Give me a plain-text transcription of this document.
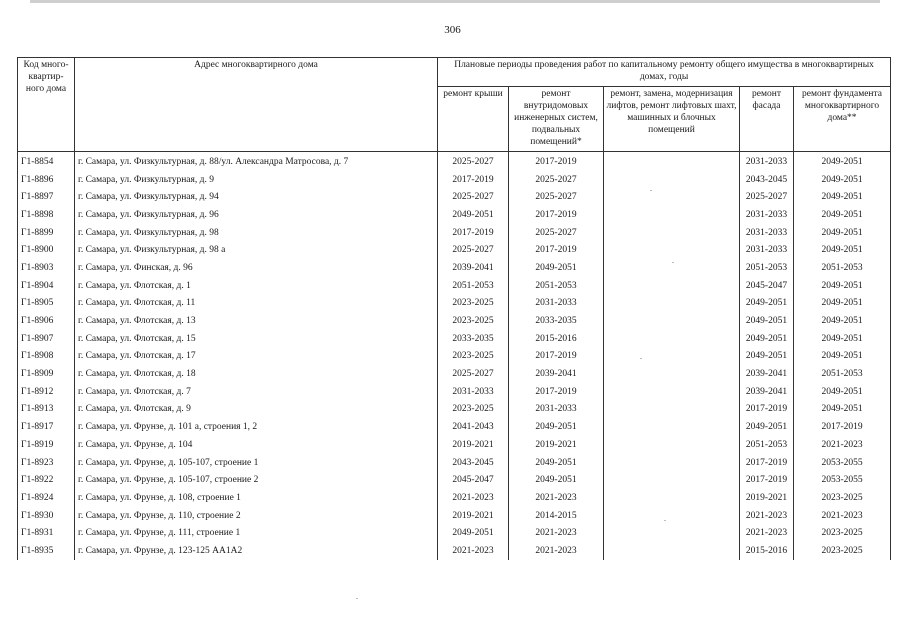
306
Код много-квартир-ного дома	Адрес многоквартирного дома	Плановые периоды проведения работ по капитальному ремонту общего имущества в многоквартирных домах, годы				
		ремонт крыши	ремонт внутридомовых инженерных систем, подвальных помещений*	ремонт, замена, модернизация лифтов, ремонт лифтовых шахт, машинных и блочных помещений	ремонт фасада	ремонт фундамента многоквартирного дома**
Г1-8854	г. Самара, ул. Физкультурная, д. 88/ул. Александра Матросова, д. 7	2025-2027	2017-2019		2031-2033	2049-2051
Г1-8896	г. Самара, ул. Физкультурная, д. 9	2017-2019	2025-2027		2043-2045	2049-2051
Г1-8897	г. Самара, ул. Физкультурная, д. 94	2025-2027	2025-2027		2025-2027	2049-2051
Г1-8898	г. Самара, ул. Физкультурная, д. 96	2049-2051	2017-2019		2031-2033	2049-2051
Г1-8899	г. Самара, ул. Физкультурная, д. 98	2017-2019	2025-2027		2031-2033	2049-2051
Г1-8900	г. Самара, ул. Физкультурная, д. 98 а	2025-2027	2017-2019		2031-2033	2049-2051
Г1-8903	г. Самара, ул. Финская, д. 96	2039-2041	2049-2051		2051-2053	2051-2053
Г1-8904	г. Самара, ул. Флотская, д. 1	2051-2053	2051-2053		2045-2047	2049-2051
Г1-8905	г. Самара, ул. Флотская, д. 11	2023-2025	2031-2033		2049-2051	2049-2051
Г1-8906	г. Самара, ул. Флотская, д. 13	2023-2025	2033-2035		2049-2051	2049-2051
Г1-8907	г. Самара, ул. Флотская, д. 15	2033-2035	2015-2016		2049-2051	2049-2051
Г1-8908	г. Самара, ул. Флотская, д. 17	2023-2025	2017-2019		2049-2051	2049-2051
Г1-8909	г. Самара, ул. Флотская, д. 18	2025-2027	2039-2041		2039-2041	2051-2053
Г1-8912	г. Самара, ул. Флотская, д. 7	2031-2033	2017-2019		2039-2041	2049-2051
Г1-8913	г. Самара, ул. Флотская, д. 9	2023-2025	2031-2033		2017-2019	2049-2051
Г1-8917	г. Самара, ул. Фрунзе, д. 101 а, строения 1, 2	2041-2043	2049-2051		2049-2051	2017-2019
Г1-8919	г. Самара, ул. Фрунзе, д. 104	2019-2021	2019-2021		2051-2053	2021-2023
Г1-8923	г. Самара, ул. Фрунзе, д. 105-107, строение 1	2043-2045	2049-2051		2017-2019	2053-2055
Г1-8922	г. Самара, ул. Фрунзе, д. 105-107, строение 2	2045-2047	2049-2051		2017-2019	2053-2055
Г1-8924	г. Самара, ул. Фрунзе, д. 108, строение 1	2021-2023	2021-2023		2019-2021	2023-2025
Г1-8930	г. Самара, ул. Фрунзе, д. 110, строение 2	2019-2021	2014-2015		2021-2023	2021-2023
Г1-8931	г. Самара, ул. Фрунзе, д. 111, строение 1	2049-2051	2021-2023		2021-2023	2023-2025
Г1-8935	г. Самара, ул. Фрунзе, д. 123-125 АА1А2	2021-2023	2021-2023		2015-2016	2023-2025
